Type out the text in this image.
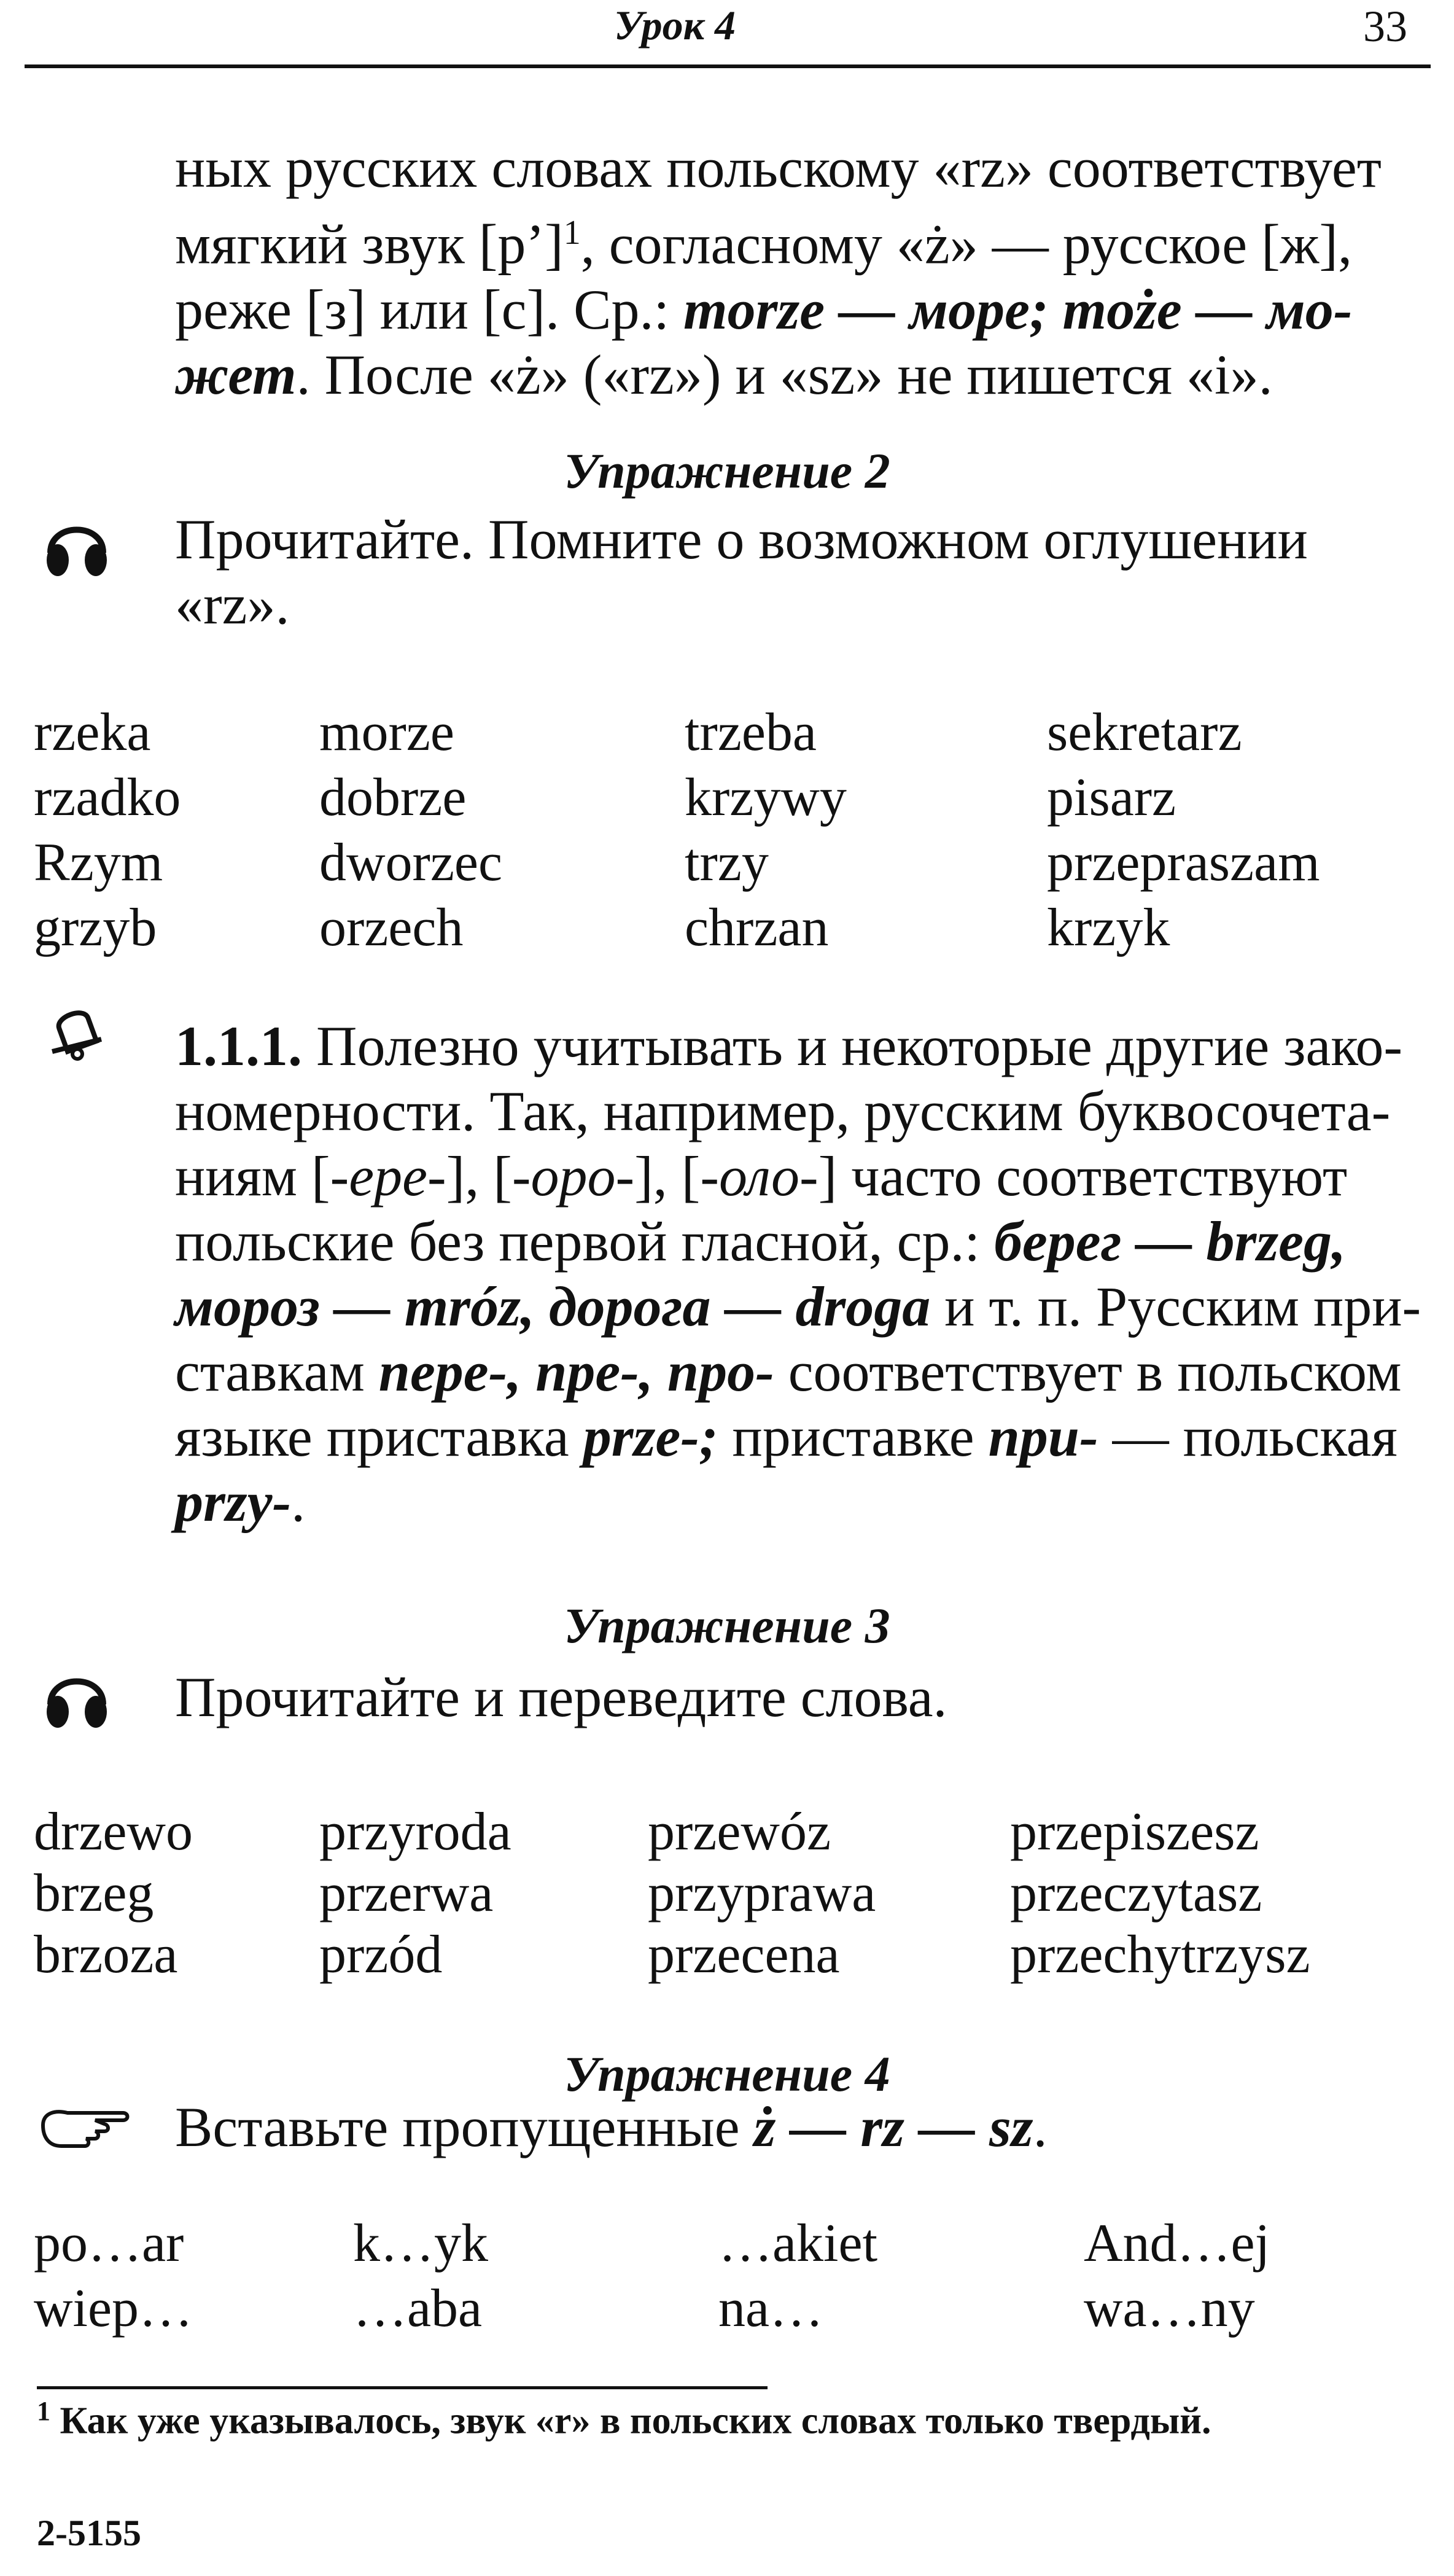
Урок 4	33
ных русских словах польскому «rz» соответствует
мягкий звук [р’]$^1$, согласному «ż» — русское [ж],
реже [з] или [с]. Ср.: morze — море; może — мо-
жет. После «ż» («rz») и «sz» не пишется «i».
Упражнение 2
Прочитайте. Помните о возможном оглушении
«rz».
rzeka	morze	trzeba	sekretarz
rzadko	dobrze	krzywy	pisarz
Rzym	dworzec	trzy	przepraszam
grzyb	orzech	chrzan	krzyk
1.1.1. Полезно учитывать и некоторые другие зако-
номерности. Так, например, русским буквосочета-
ниям [-ере-], [-оро-], [-оло-] часто соответствуют
польские без первой гласной, ср.: берег — brzeg,
мороз — mróz, дорога — droga и т. п. Русским при-
ставкам пере-, пре-, про- соответствует в польском
языке приставка prze-; приставке при- — польская
przy-.
Упражнение 3
Прочитайте и переведите слова.
drzewo przyroda	przewóz	przepiszesz
brzeg	przerwa	przyprawa przeczytasz
brzoza	przód	przecena	przechytrzysz
Упражнение 4
Вставьте пропущенные ż — rz — sz.
po…ar	k…yk	…akiet	And…ej
wiep…	…aba	na…	wa…ny
$^1$ Как уже указывалось, звук «r» в польских словах только твердый.
2-5155
